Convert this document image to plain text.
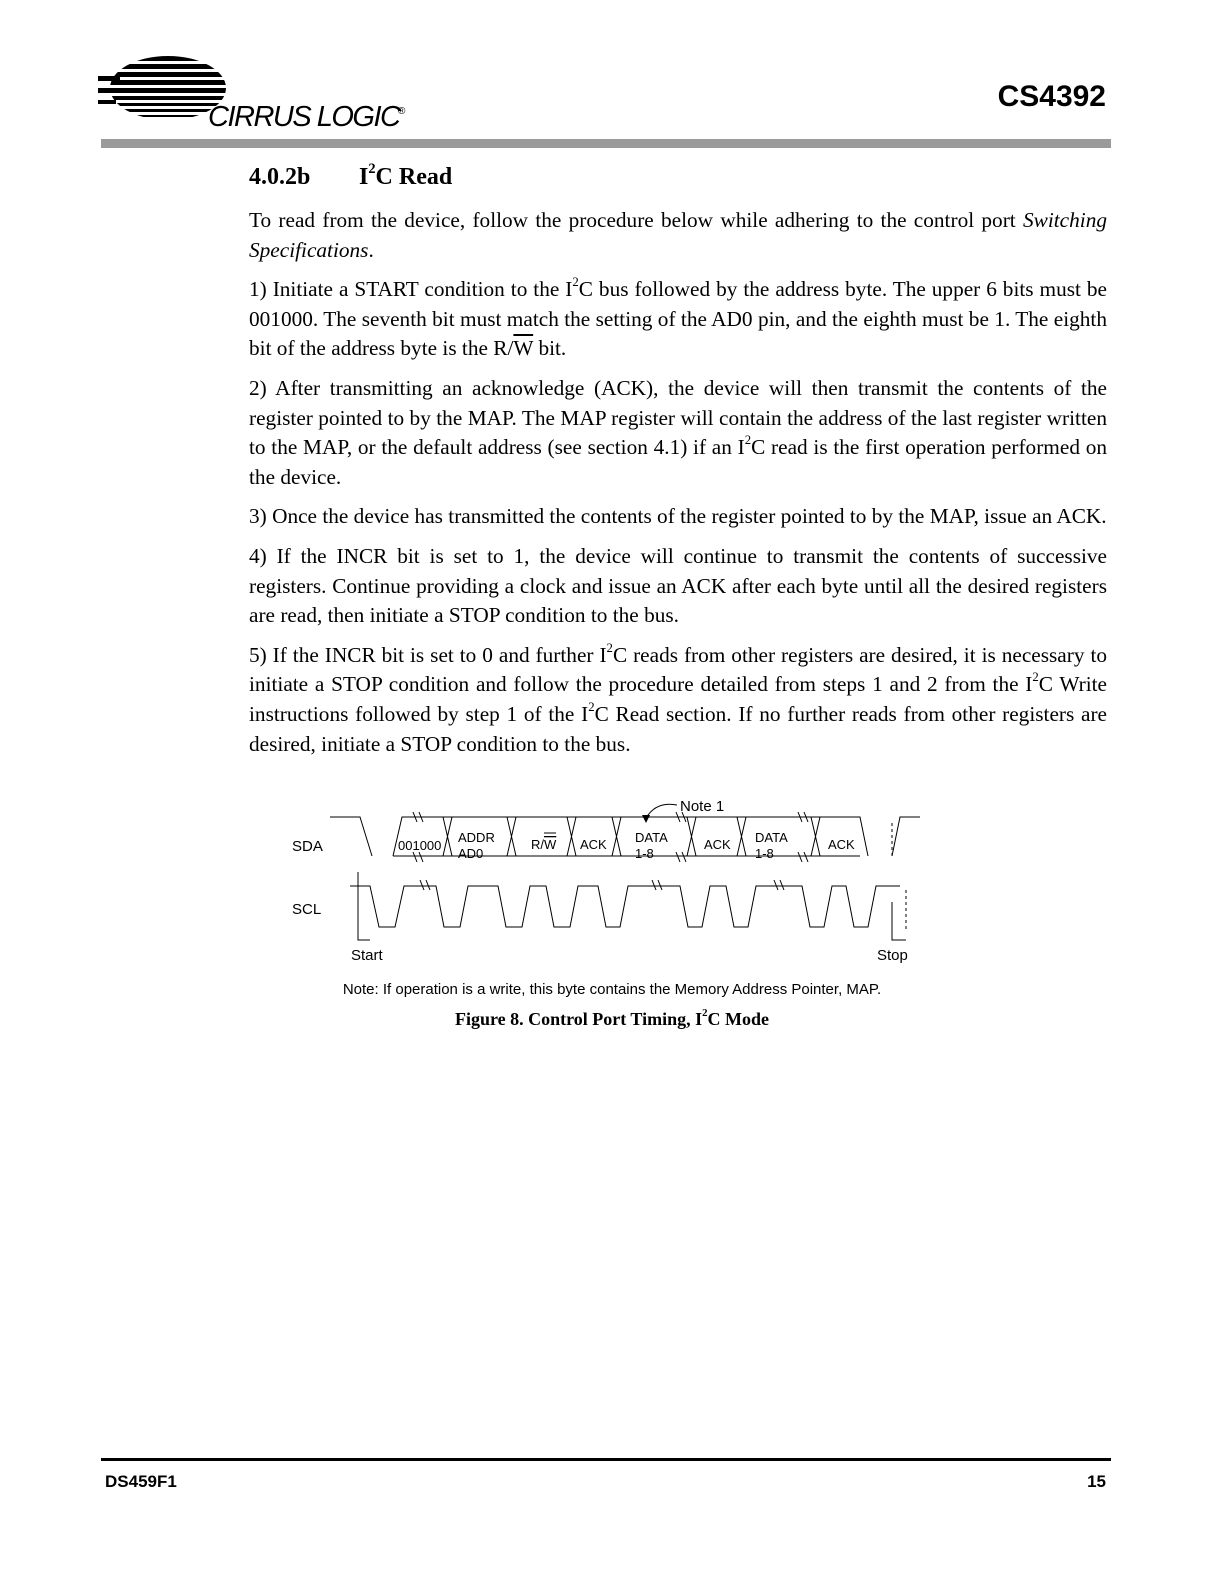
CIRRUS LOGIC
®	CS4392
4.0.2b $I^2C$ Read

To read from the device, follow the procedure below while adhering to the control port Switching Specifications.

1) Initiate a START condition to the $I^2C$ bus followed by the address byte. The upper 6 bits must be 001000. The seventh bit must match the setting of the AD0 pin, and the eighth must be 1. The eighth bit of the address byte is the $R/\overline{W}$ bit.

2) After transmitting an acknowledge (ACK), the device will then transmit the contents of the register pointed to by the MAP. The MAP register will contain the address of the last register written to the MAP, or the default address (see section 4.1) if an $I^2C$ read is the first operation performed on the device.

3) Once the device has transmitted the contents of the register pointed to by the MAP, issue an ACK.

4) If the INCR bit is set to 1, the device will continue to transmit the contents of successive registers. Continue providing a clock and issue an ACK after each byte until all the desired registers are read, then initiate a STOP condition to the bus.

5) If the INCR bit is set to 0 and further $I^2C$ reads from other registers are desired, it is necessary to initiate a STOP condition and follow the procedure detailed from steps 1 and 2 from the $I^2C$ Write instructions followed by step 1 of the $I^2C$ Read section. If no further reads from other registers are desired, initiate a STOP condition to the bus.

SDA
SCL
Start	Stop
Note 1
001000
ADDR
AD0
R/W ACK DATA
1-8
ACK DATA
1-8
ACK
Note: If operation is a write, this byte contains the Memory Address Pointer, MAP.
Figure 8. Control Port Timing, $I^2C$ Mode
DS459F1	15
